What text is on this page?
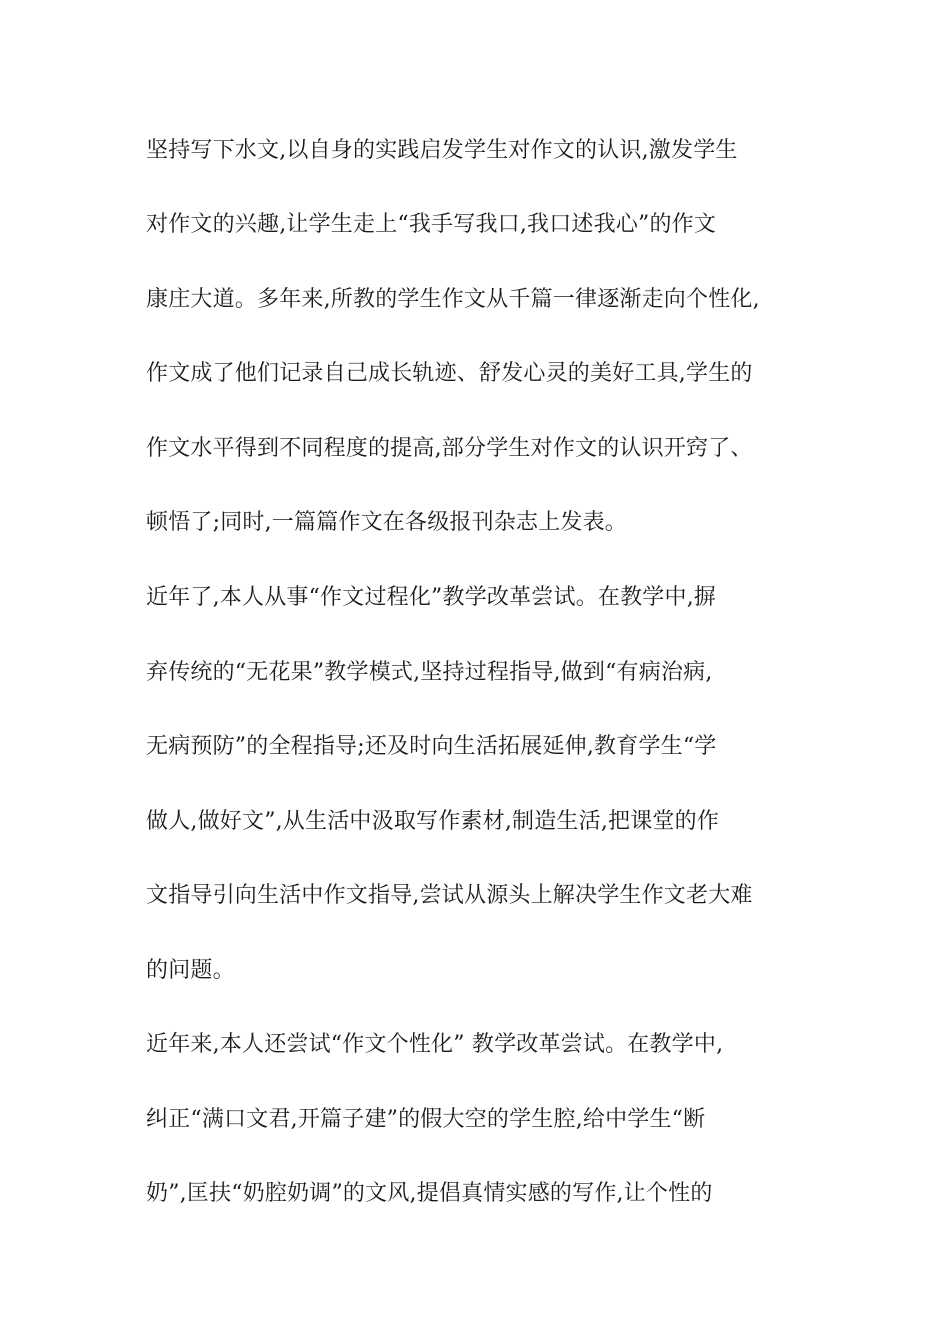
坚持写下水文,以自身的实践启发学生对作文的认识,激发学生
对作文的兴趣,让学生走上“我手写我口,我口述我心”的作文
康庄大道。多年来,所教的学生作文从千篇一律逐渐走向个性化,
作文成了他们记录自己成长轨迹、舒发心灵的美好工具,学生的
作文水平得到不同程度的提高,部分学生对作文的认识开窍了、
顿悟了;同时,一篇篇作文在各级报刊杂志上发表。
近年了,本人从事“作文过程化”教学改革尝试。在教学中,摒
弃传统的“无花果”教学模式,坚持过程指导,做到“有病治病,
无病预防”的全程指导;还及时向生活拓展延伸,教育学生“学
做人,做好文”,从生活中汲取写作素材,制造生活,把课堂的作
文指导引向生活中作文指导,尝试从源头上解决学生作文老大难
的问题。
近年来,本人还尝试“作文个性化” 教学改革尝试。在教学中,
纠正“满口文君,开篇子建”的假大空的学生腔,给中学生“断
奶”,匡扶“奶腔奶调”的文风,提倡真情实感的写作,让个性的
